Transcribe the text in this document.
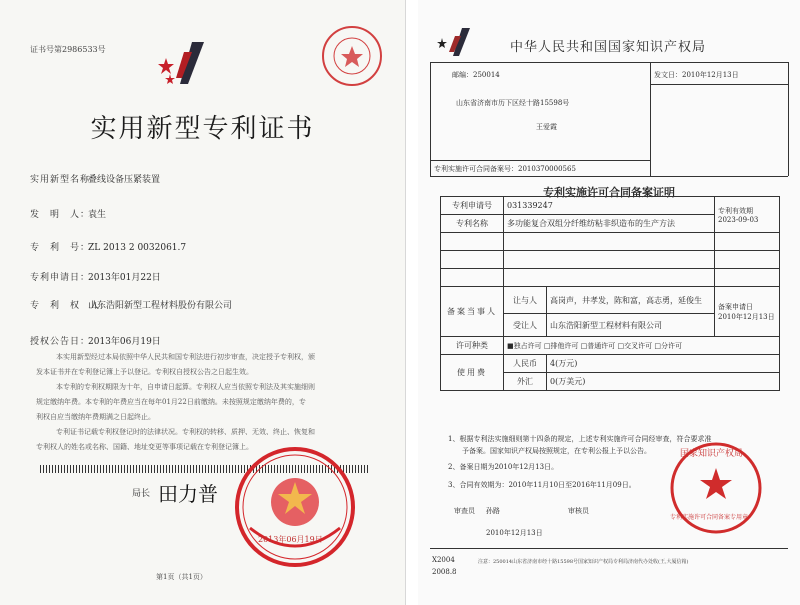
证书号第2986533号
实用新型专利证书
实用新型名称：叠线设备压紧装置
发　明　人：袁生
专　利　号：ZL 2013 2 0032061.7
专利申请日：2013年01月22日
专　利　权　人：山东浩阳新型工程材料股份有限公司
授权公告日：2013年06月19日
本实用新型经过本局依照中华人民共和国专利法进行初步审查，决定授予专利权，颁
发本证书并在专利登记簿上予以登记。专利权自授权公告之日起生效。
本专利的专利权期限为十年，自申请日起算。专利权人应当依照专利法及其实施细则
规定缴纳年费。本专利的年费应当在每年01月22日前缴纳。未按照规定缴纳年费的，专
利权自应当缴纳年费期满之日起终止。
专利证书记载专利权登记时的法律状况。专利权的转移、质押、无效、终止、恢复和
专利权人的姓名或名称、国籍、地址变更等事项记载在专利登记簿上。
局长 田力普
2013年06月19日
第1页（共1页）
中华人民共和国国家知识产权局
邮编：250014	发文日：2010年12月13日
山东省济南市历下区经十路15598号
王爱霞
专利实施许可合同备案号：2010370000565
专利实施许可合同备案证明
专利申请号	031339247		专利有效期
2023-09-03
专利名称	多功能复合双组分纤维纺粘非织造布的生产方法		

备案当事人	让与人	高岗声，井孝发，陈和富，高志勇，延俊生	备案申请日
2010年12月13日
	受让人	山东浩阳新型工程材料有限公司	
许可种类	■独占许可 □排他许可 □普通许可 □交叉许可 □分许可		
使用费	人民币	4(万元)	
	外汇	0(万美元)	
1、根据专利法实施细则第十四条的规定，上述专利实施许可合同经审查，符合要求准
予备案。国家知识产权局按照规定，在专利公报上予以公告。
2、备案日期为2010年12月13日。
3、合同有效期为：2010年11月10日至2016年11月09日。
审查员 孙路	审核员
2010年12月13日
国家知识产权局
专利实施许可合同备案专用章
X2004
2008.8
注意：250014山东省济南市经十路15598号国家知识产权局专利局济南代办处收(王,大厦信箱)
